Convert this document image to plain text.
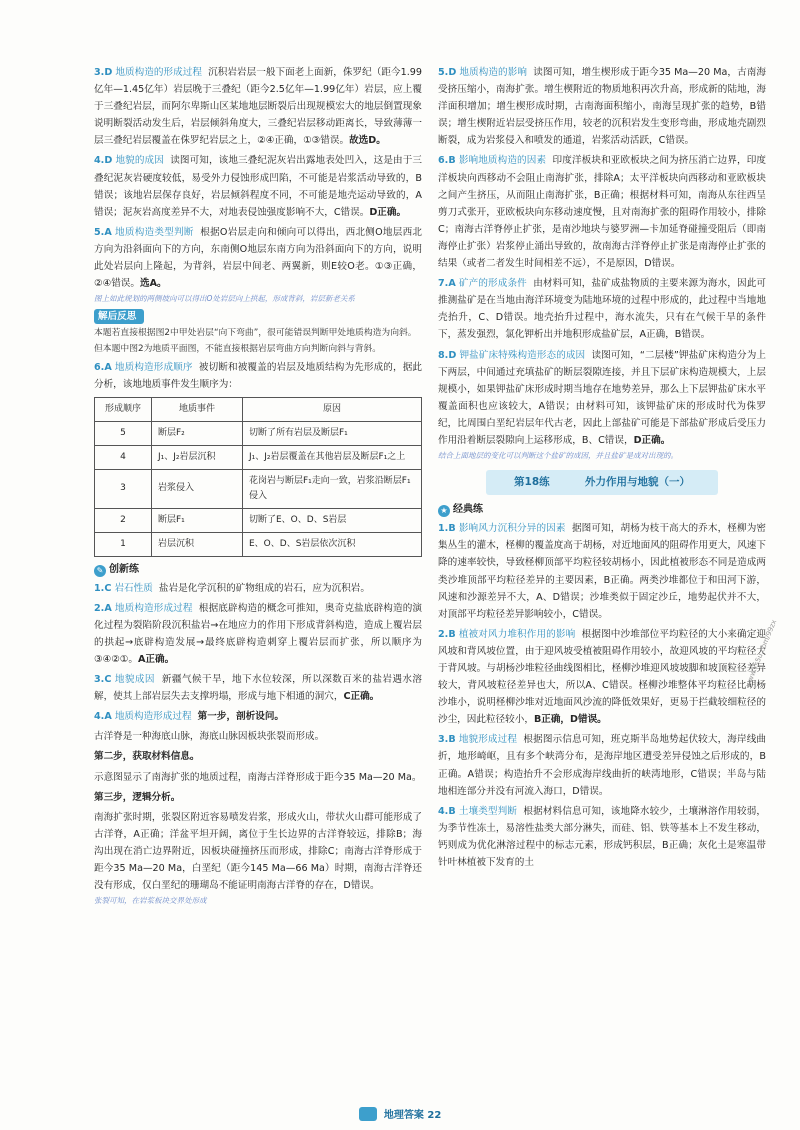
3.D 地质构造的形成过程 沉积岩岩层一般下面老上面新，侏罗纪（距今1.99亿年—1.45亿年）岩层晚于三叠纪（距今2.5亿年—1.99亿年）岩层，应上覆于三叠纪岩层，而阿尔卑斯山区某地地层断裂后出现规模宏大的地层倒置现象说明断裂活动发生后，岩层倾斜角度大，三叠纪岩层移动距离长，导致薄薄一层三叠纪岩层覆盖在侏罗纪岩层之上，②④正确，①③错误。故选D。

4.D 地貌的成因 读图可知，该地三叠纪泥灰岩出露地表处凹入，这是由于三叠纪泥灰岩硬度较低，易受外力侵蚀形成凹陷，不可能是岩浆活动导致的，B错误；该地岩层保存良好，岩层倾斜程度不同，不可能是地壳运动导致的，A错误；泥灰岩高度差异不大，对地表侵蚀强度影响不大，C错误。D正确。

5.A 地质构造类型判断 根据O岩层走向和倾向可以得出，西北侧O地层西北方向为沿斜面向下的方向，东南侧O地层东南方向为沿斜面向下的方向，说明此处岩层向上隆起，为背斜，岩层中间老、两翼新，则E较O老。①③正确，②④错误。选A。

图上如此规划的两侧坡向可以得出O处岩层向上拱起，形成背斜，岩层新老关系
解后反思
本题若直接根据图2中甲处岩层“向下弯曲”，很可能错误判断甲处地质构造为向斜。但本题中图2为地质平面图，不能直接根据岩层弯曲方向判断向斜与背斜。

6.A 地质构造形成顺序 被切断和被覆盖的岩层及地质结构为先形成的，据此分析，该地地质事件发生顺序为：

形成顺序	地质事件	原因
5	断层F₂	切断了所有岩层及断层F₁
4	J₁、J₂岩层沉积	J₁、J₂岩层覆盖在其他岩层及断层F₁之上
3	岩浆侵入	花岗岩与断层F₁走向一致，岩浆沿断层F₁侵入
2	断层F₁	切断了E、O、D、S岩层
1	岩层沉积	E、O、D、S岩层依次沉积
✎ 创新练

1.C 岩石性质 盐岩是化学沉积的矿物组成的岩石，应为沉积岩。

2.A 地质构造形成过程 根据底辟构造的概念可推知，奥奇克盐底辟构造的演化过程为裂陷阶段沉积盐岩→在地应力的作用下形成背斜构造，造成上覆岩层的拱起→底辟构造发展→最终底辟构造刺穿上覆岩层而扩张，所以顺序为③④②①。A正确。

3.C 地貌成因 新疆气候干旱，地下水位较深，所以深数百米的盐岩遇水溶解，使其上部岩层失去支撑坍塌，形成与地下相通的洞穴，C正确。

4.A 地质构造形成过程 第一步，剖析设问。

古洋脊是一种海底山脉，海底山脉因板块张裂而形成。

第二步，获取材料信息。

示意图显示了南海扩张的地质过程，南海古洋脊形成于距今35 Ma—20 Ma。

第三步，逻辑分析。

南海扩张时期，张裂区附近容易喷发岩浆，形成火山，带状火山群可能形成了古洋脊，A正确；洋盆平坦开阔，离位于生长边界的古洋脊较远，排除B；海沟出现在消亡边界附近，因板块碰撞挤压而形成，排除C；南海古洋脊形成于距今35 Ma—20 Ma，白垩纪（距今145 Ma—66 Ma）时期，南海古洋脊还没有形成，仅白垩纪的珊瑚岛不能证明南海古洋脊的存在，D错误。

张裂可知，在岩浆板块交界处形成

5.D 地质构造的影响 读图可知，增生楔形成于距今35 Ma—20 Ma，古南海受挤压缩小，南海扩张。增生楔附近的物质地积再次升高，形成新的陆地，海洋面积增加；增生楔形成时期，古南海面积缩小，南海呈现扩张的趋势，B错误；增生楔附近岩层受挤压作用，较老的沉积岩发生变形弯曲，形成地壳剧烈断裂，成为岩浆侵入和喷发的通道，岩浆活动活跃，C错误。

6.B 影响地质构造的因素 印度洋板块和亚欧板块之间为挤压消亡边界，印度洋板块向西移动不会阻止南海扩张，排除A；太平洋板块向西移动和亚欧板块之间产生挤压，从而阻止南海扩张，B正确；根据材料可知，南海从东往西呈剪刀式张开，亚欧板块向东移动速度慢，且对南海扩张的阻碍作用较小，排除C；南海古洋脊停止扩张，是南沙地块与婆罗洲—卡加延脊碰撞受阻后（即南海停止扩张）岩浆停止涌出导致的，故南海古洋脊停止扩张是南海停止扩张的结果（或者二者发生时间相差不远），不是原因，D错误。

7.A 矿产的形成条件 由材料可知，盐矿成盐物质的主要来源为海水，因此可推测盐矿是在当地由海洋环境变为陆地环境的过程中形成的，此过程中当地地壳抬升，C、D错误。地壳抬升过程中，海水流失，只有在气候干旱的条件下，蒸发强烈，氯化钾析出并地积形成盐矿层，A正确，B错误。

8.D 钾盐矿床特殊构造形态的成因 读图可知，“二层楼”钾盐矿床构造分为上下两层，中间通过充填盐矿的断层裂隙连接，并且下层矿床构造规模大，上层规模小，如果钾盐矿床形成时期当地存在地势差异，那么上下层钾盐矿床水平覆盖面积也应该较大，A错误；由材料可知，该钾盐矿床的形成时代为侏罗纪，比周围白垩纪岩层年代古老，因此上部盐矿可能是下部盐矿形成后受压力作用沿着断层裂隙向上运移形成，B、C错误，D正确。

结合上面地层的变化可以判断这个盐矿的成因，并且盐矿是成对出现的。
第18练	外力作用与地貌（一）
★ 经典练

1.B 影响风力沉积分异的因素 据图可知，胡杨为枝干高大的乔木，柽柳为密集丛生的灌木，柽柳的覆盖度高于胡杨，对近地面风的阻碍作用更大，风速下降的速率较快，导致柽柳顶部平均粒径较胡杨小，因此植被形态不同是造成两类沙堆顶部平均粒径差异的主要因素，B正确。两类沙堆都位于和田河下游，风速和沙源差异不大，A、D错误；沙堆类似于固定沙丘，地势起伏并不大，对顶部平均粒径差异影响较小，C错误。

2.B 植被对风力堆积作用的影响 根据图中沙堆部位平均粒径的大小来确定迎风坡和背风坡位置，由于迎风坡受植被阻碍作用较小，故迎风坡的平均粒径大于背风坡。与胡杨沙堆粒径曲线图相比，柽柳沙堆迎风坡坡脚和坡顶粒径差异较大，背风坡粒径差异也大，所以A、C错误。柽柳沙堆整体平均粒径比胡杨沙堆小，说明柽柳沙堆对近地面风沙流的降低效果好，更易于拦截较细粒径的沙尘，因此粒径较小，B正确，D错误。

3.B 地貌形成过程 根据图示信息可知，班克斯半岛地势起伏较大，海岸线曲折，地形崎岖，且有多个峡湾分布，是海岸地区遭受差异侵蚀之后形成的，B正确。A错误；构造抬升不会形成海岸线曲折的峡湾地形，C错误；半岛与陆地相连部分并没有河流入海口，D错误。

4.B 土壤类型判断 根据材料信息可知，该地降水较少，土壤淋溶作用较弱，为季节性冻土，易溶性盐类大部分淋失，而硅、铝、铁等基本上不发生移动，钙则成为优化淋溶过程中的标志元素，形成钙积层，B正确；灰化土是寒温带针叶林植被下发育的土

www.ks5u.com/99zx
地理答案 22
